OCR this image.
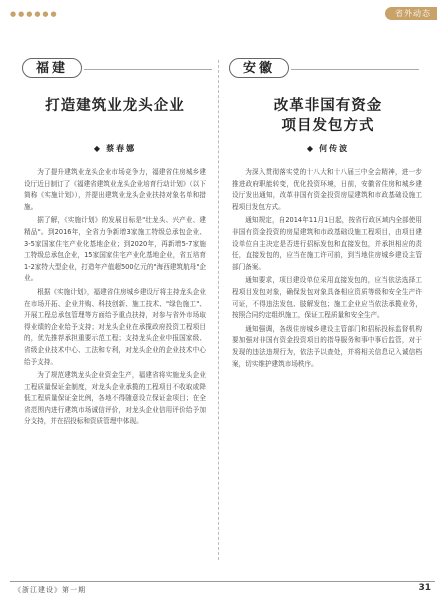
●●●●●●	省外动态
福建
打造建筑业龙头企业
◆ 蔡春娜

为了提升建筑业龙头企业市场竞争力，福建省住房城乡建设厅近日制订了《福建省建筑业龙头企业培育行动计划》（以下简称《实施计划》），并提出建筑业龙头企业扶持对象名单和措施。

据了解，《实施计划》的发展目标是"壮龙头、兴产业、建精品"。到2016年，全省力争新增3家施工特级总承包企业、3-5家国家住宅产业化基地企业；到2020年，再新增5-7家施工特级总承包企业，15家国家住宅产业化基地企业，省五培育1-2家特大型企业，打造年产值超500亿元的"海西建筑航母"企业。

根据《实施计划》，福建省住房城乡建设厅将主持龙头企业在市场开拓、企业并购、科技创新、施工技术、"绿色施工"、开展工程总承包管理等方面给予重点扶持，对参与省外市场取得业绩的企业给予支持；对龙头企业在承揽政府投资工程项目的，优先推荐承担重要示范工程；支持龙头企业申报国家级、省级企业技术中心、工法和专利，对龙头企业的企业技术中心给予支持。

为了规范建筑龙头企业资金生产，福建省将实施龙头企业工程质量保证金制度，对龙头企业承揽的工程项目不收取或降低工程质量保证金比例，各地不得随意设立保证金项目；在全省范围内进行建筑市场诚信评价，对龙头企业信用评价给予加分支持，并在招投标和资质管理中体现。

安徽
改革非国有资金
项目发包方式
◆ 何传波

为深入贯彻落实党的十八大和十八届三中全会精神，进一步推进政府职能转变，优化投资环境，日前，安徽省住房和城乡建设厅发出通知，改革非国有资金投资房屋建筑和市政基础设施工程项目发包方式。

通知规定，自2014年11月1日起，按省行政区域内全部使用非国有资金投资的房屋建筑和市政基础设施工程项目，由项目建设单位自主决定是否进行招标发包和直接发包，并承担相应的责任，直接发包的，应当在施工许可前，到当地住房城乡建设主管部门备案。

通知要求，项目建设单位采用直接发包的，应当依法选择工程项目发包对象，确保发包对象具备相应资质等级和安全生产许可证，不得违法发包、肢解发包；施工企业应当依法承揽业务，按照合同约定组织施工，保证工程质量和安全生产。

通知强调，各级住房城乡建设主管部门和招标投标监督机构要加强对非国有资金投资项目的指导服务和事中事后监管，对于发现的违法违规行为，依法予以查处，并将相关信息记入诚信档案，切实维护建筑市场秩序。

《浙江建设》第一期	31
